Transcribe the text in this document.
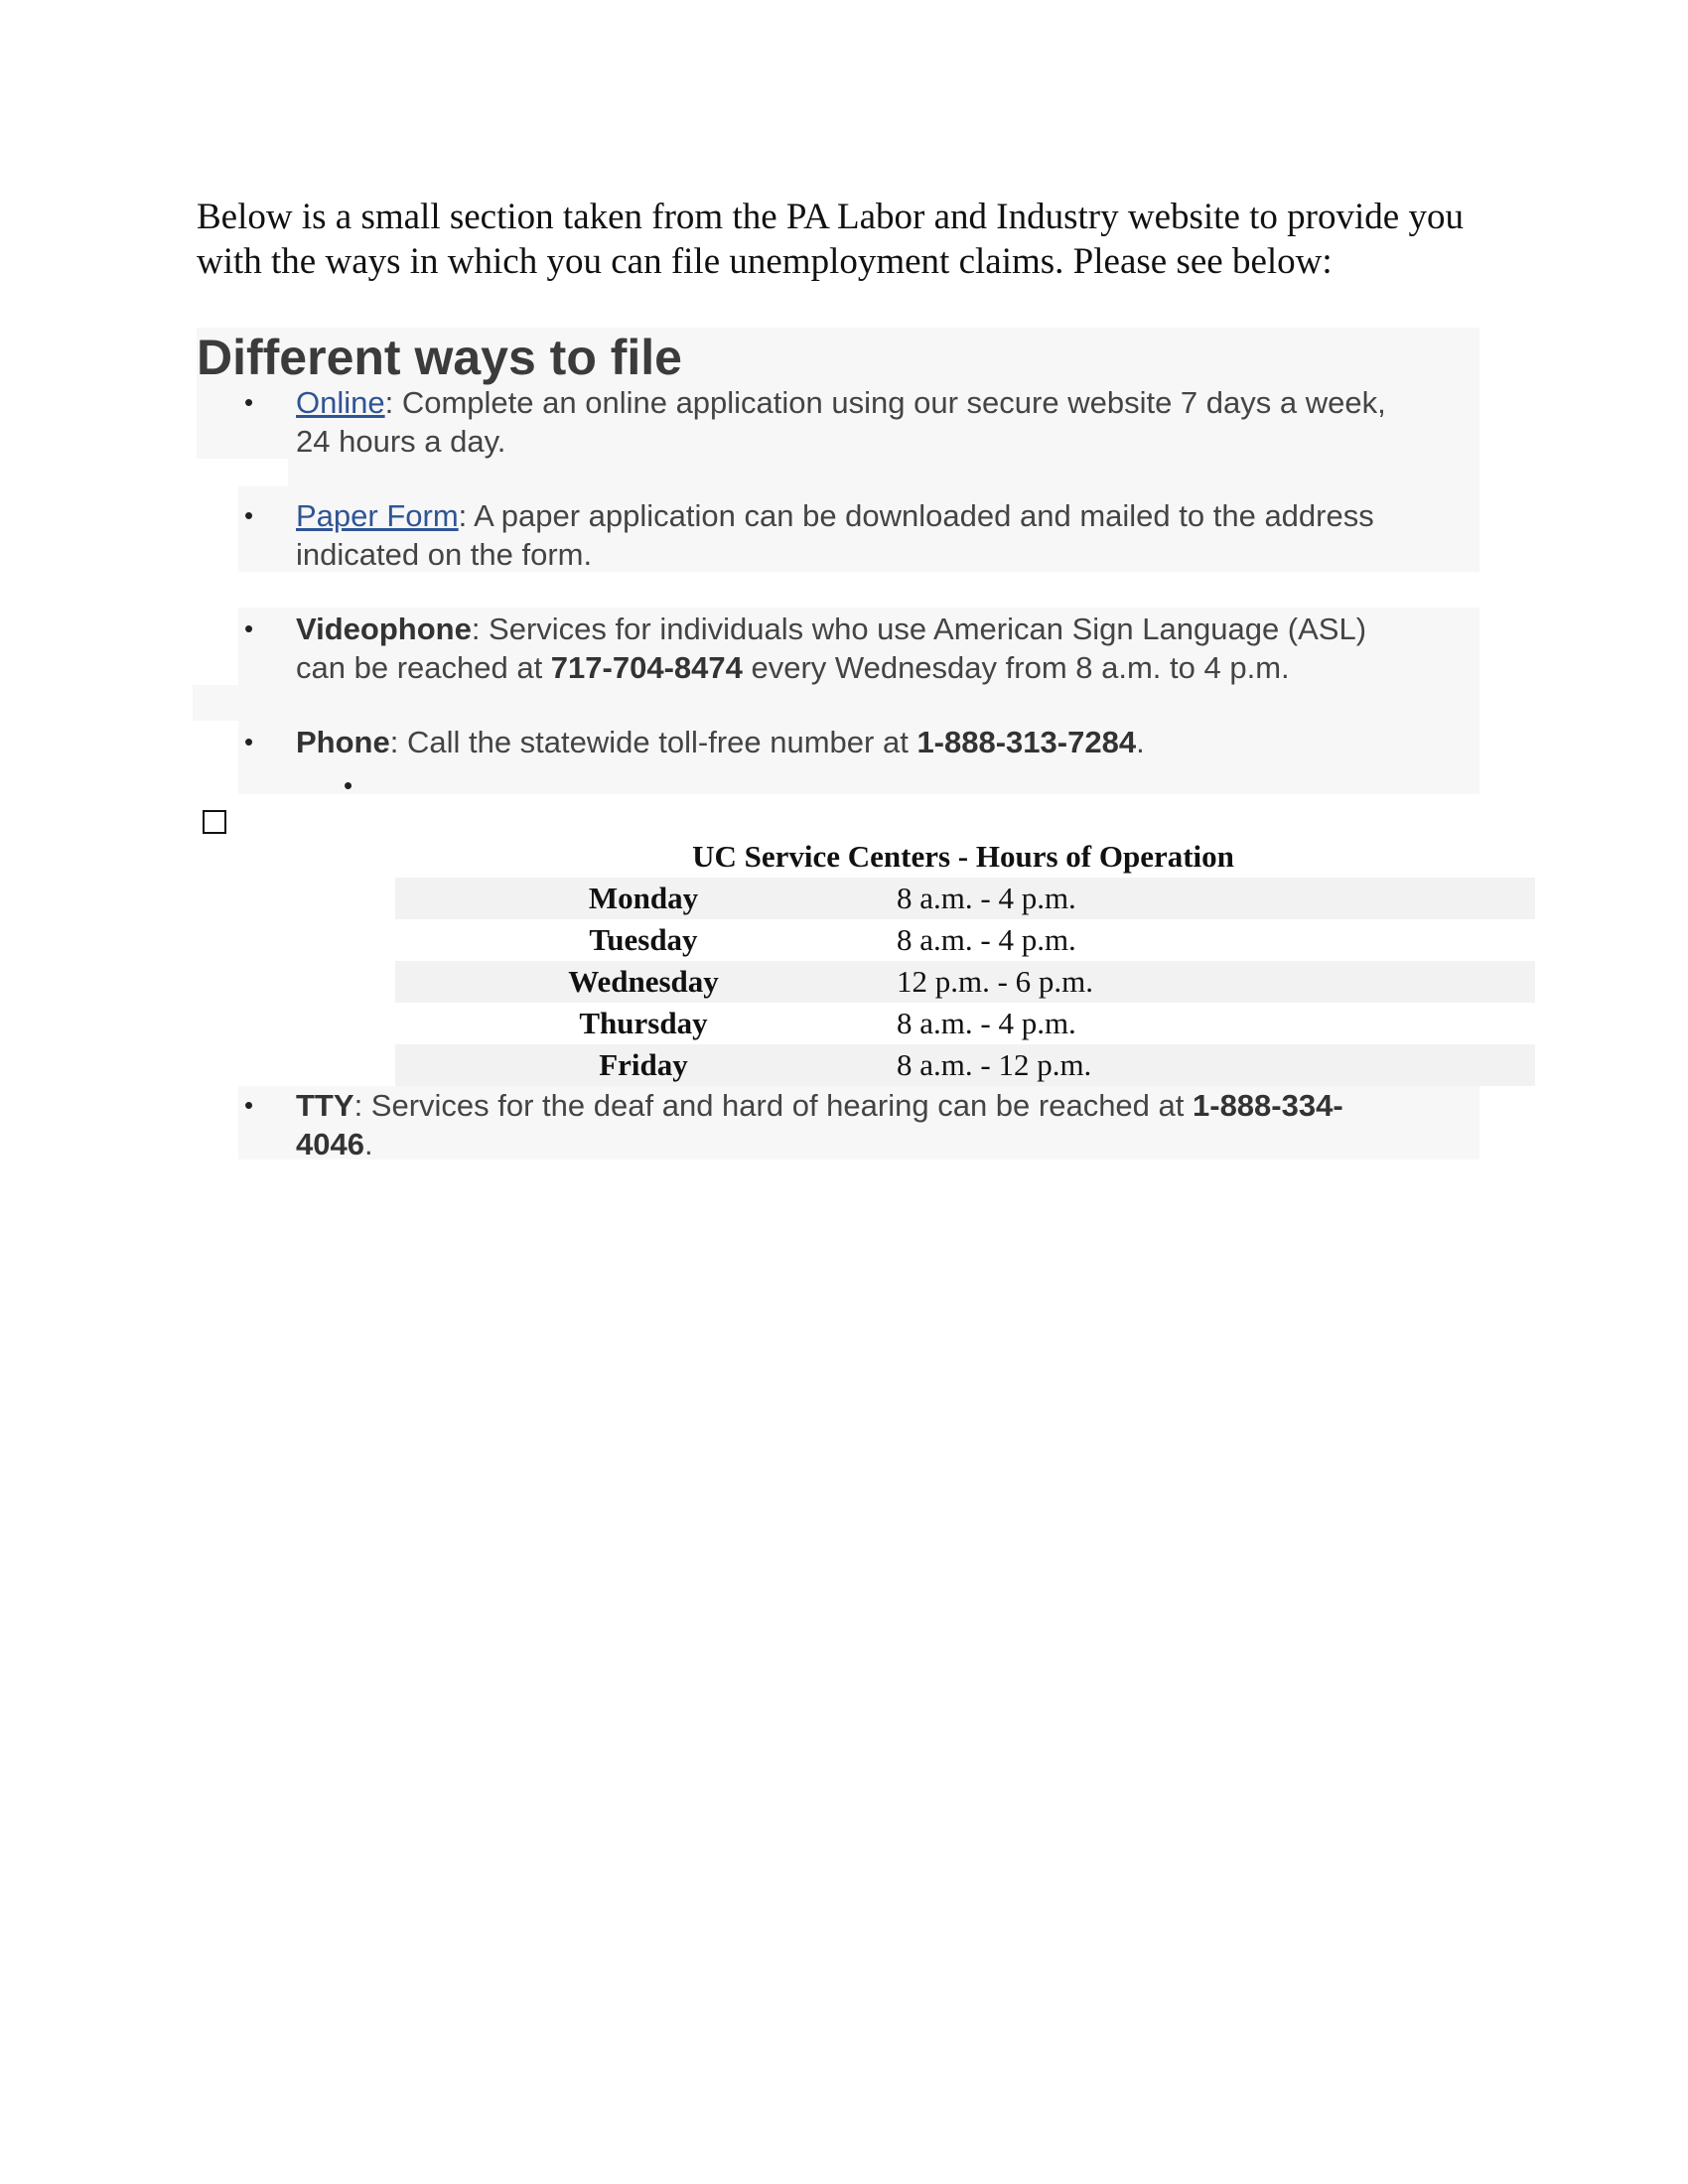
Below is a small section taken from the PA Labor and Industry website to provide you with the ways in which you can file unemployment claims. Please see below:
Different ways to file
• Online: Complete an online application using our secure website 7 days a week,
24 hours a day.
• Paper Form: A paper application can be downloaded and mailed to the address
indicated on the form.
• Videophone: Services for individuals who use American Sign Language (ASL)
can be reached at 717-704-8474 every Wednesday from 8 a.m. to 4 p.m.
• Phone: Call the statewide toll-free number at 1-888-313-7284.
•
UC Service Centers - Hours of Operation
Monday	8 a.m. - 4 p.m.
Tuesday	8 a.m. - 4 p.m.
Wednesday	12 p.m. - 6 p.m.
Thursday	8 a.m. - 4 p.m.
Friday	8 a.m. - 12 p.m.
• TTY: Services for the deaf and hard of hearing can be reached at 1-888-334-
4046.
